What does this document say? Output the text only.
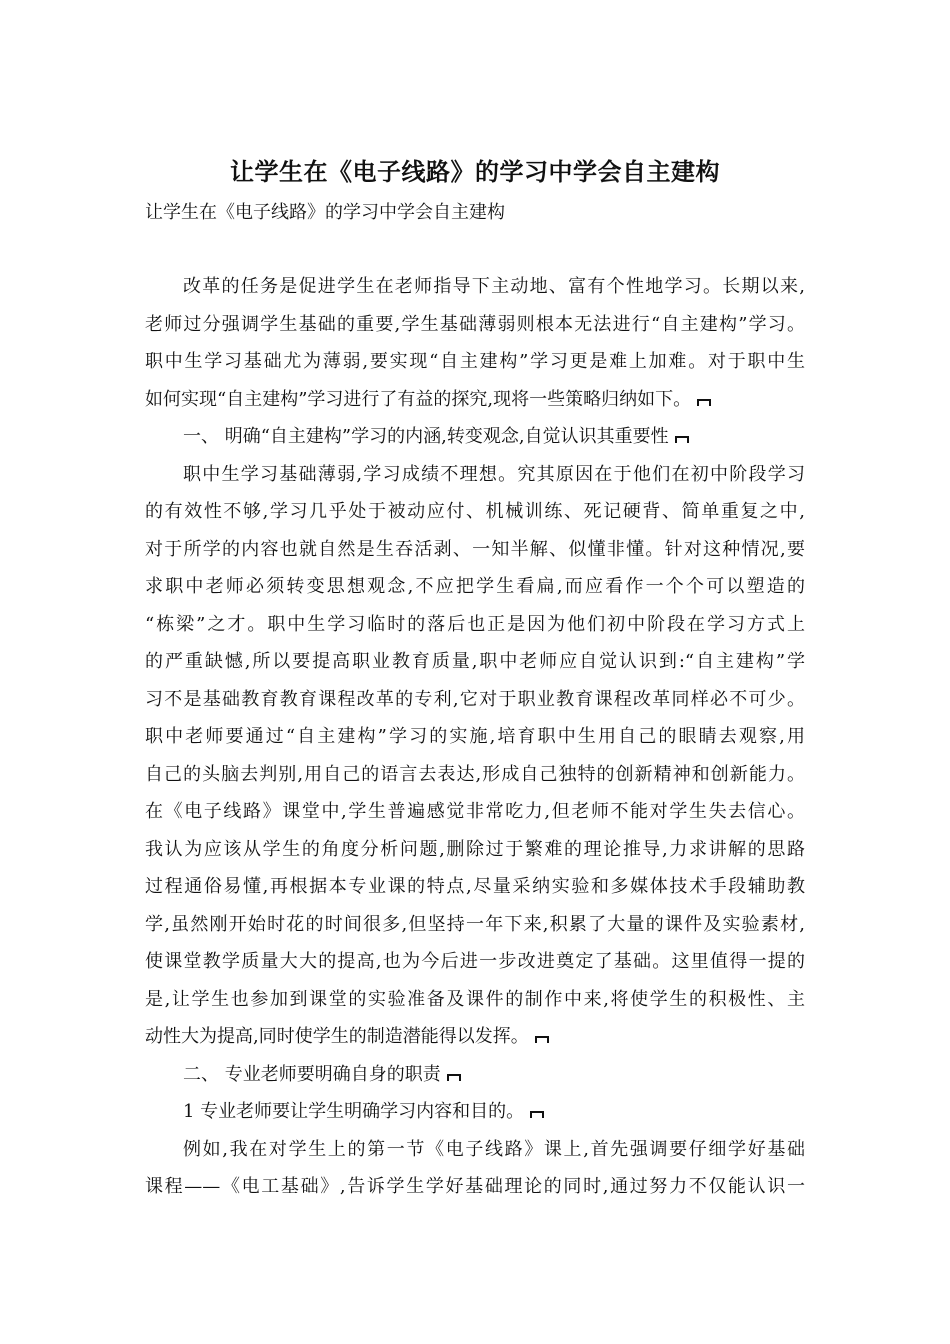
让学生在《电子线路》的学习中学会自主建构
让学生在《电子线路》的学习中学会自主建构
改革的任务是促进学生在老师指导下主动地、富有个性地学习。长期以来,
老师过分强调学生基础的重要,学生基础薄弱则根本无法进行“自主建构”学习。
职中生学习基础尤为薄弱,要实现“自主建构”学习更是难上加难。对于职中生
如何实现“自主建构”学习进行了有益的探究,现将一些策略归纳如下。
一、 明确“自主建构”学习的内涵,转变观念,自觉认识其重要性
职中生学习基础薄弱,学习成绩不理想。究其原因在于他们在初中阶段学习
的有效性不够,学习几乎处于被动应付、机械训练、死记硬背、简单重复之中,
对于所学的内容也就自然是生吞活剥、一知半解、似懂非懂。针对这种情况,要
求职中老师必须转变思想观念,不应把学生看扁,而应看作一个个可以塑造的
“栋梁”之才。职中生学习临时的落后也正是因为他们初中阶段在学习方式上
的严重缺憾,所以要提高职业教育质量,职中老师应自觉认识到:“自主建构”学
习不是基础教育教育课程改革的专利,它对于职业教育课程改革同样必不可少。
职中老师要通过“自主建构”学习的实施,培育职中生用自己的眼睛去观察,用
自己的头脑去判别,用自己的语言去表达,形成自己独特的创新精神和创新能力。
在《电子线路》课堂中,学生普遍感觉非常吃力,但老师不能对学生失去信心。
我认为应该从学生的角度分析问题,删除过于繁难的理论推导,力求讲解的思路
过程通俗易懂,再根据本专业课的特点,尽量采纳实验和多媒体技术手段辅助教
学,虽然刚开始时花的时间很多,但坚持一年下来,积累了大量的课件及实验素材,
使课堂教学质量大大的提高,也为今后进一步改进奠定了基础。这里值得一提的
是,让学生也参加到课堂的实验准备及课件的制作中来,将使学生的积极性、主
动性大为提高,同时使学生的制造潜能得以发挥。
二、 专业老师要明确自身的职责
1 专业老师要让学生明确学习内容和目的。
例如,我在对学生上的第一节《电子线路》课上,首先强调要仔细学好基础
课程——《电工基础》,告诉学生学好基础理论的同时,通过努力不仅能认识一
